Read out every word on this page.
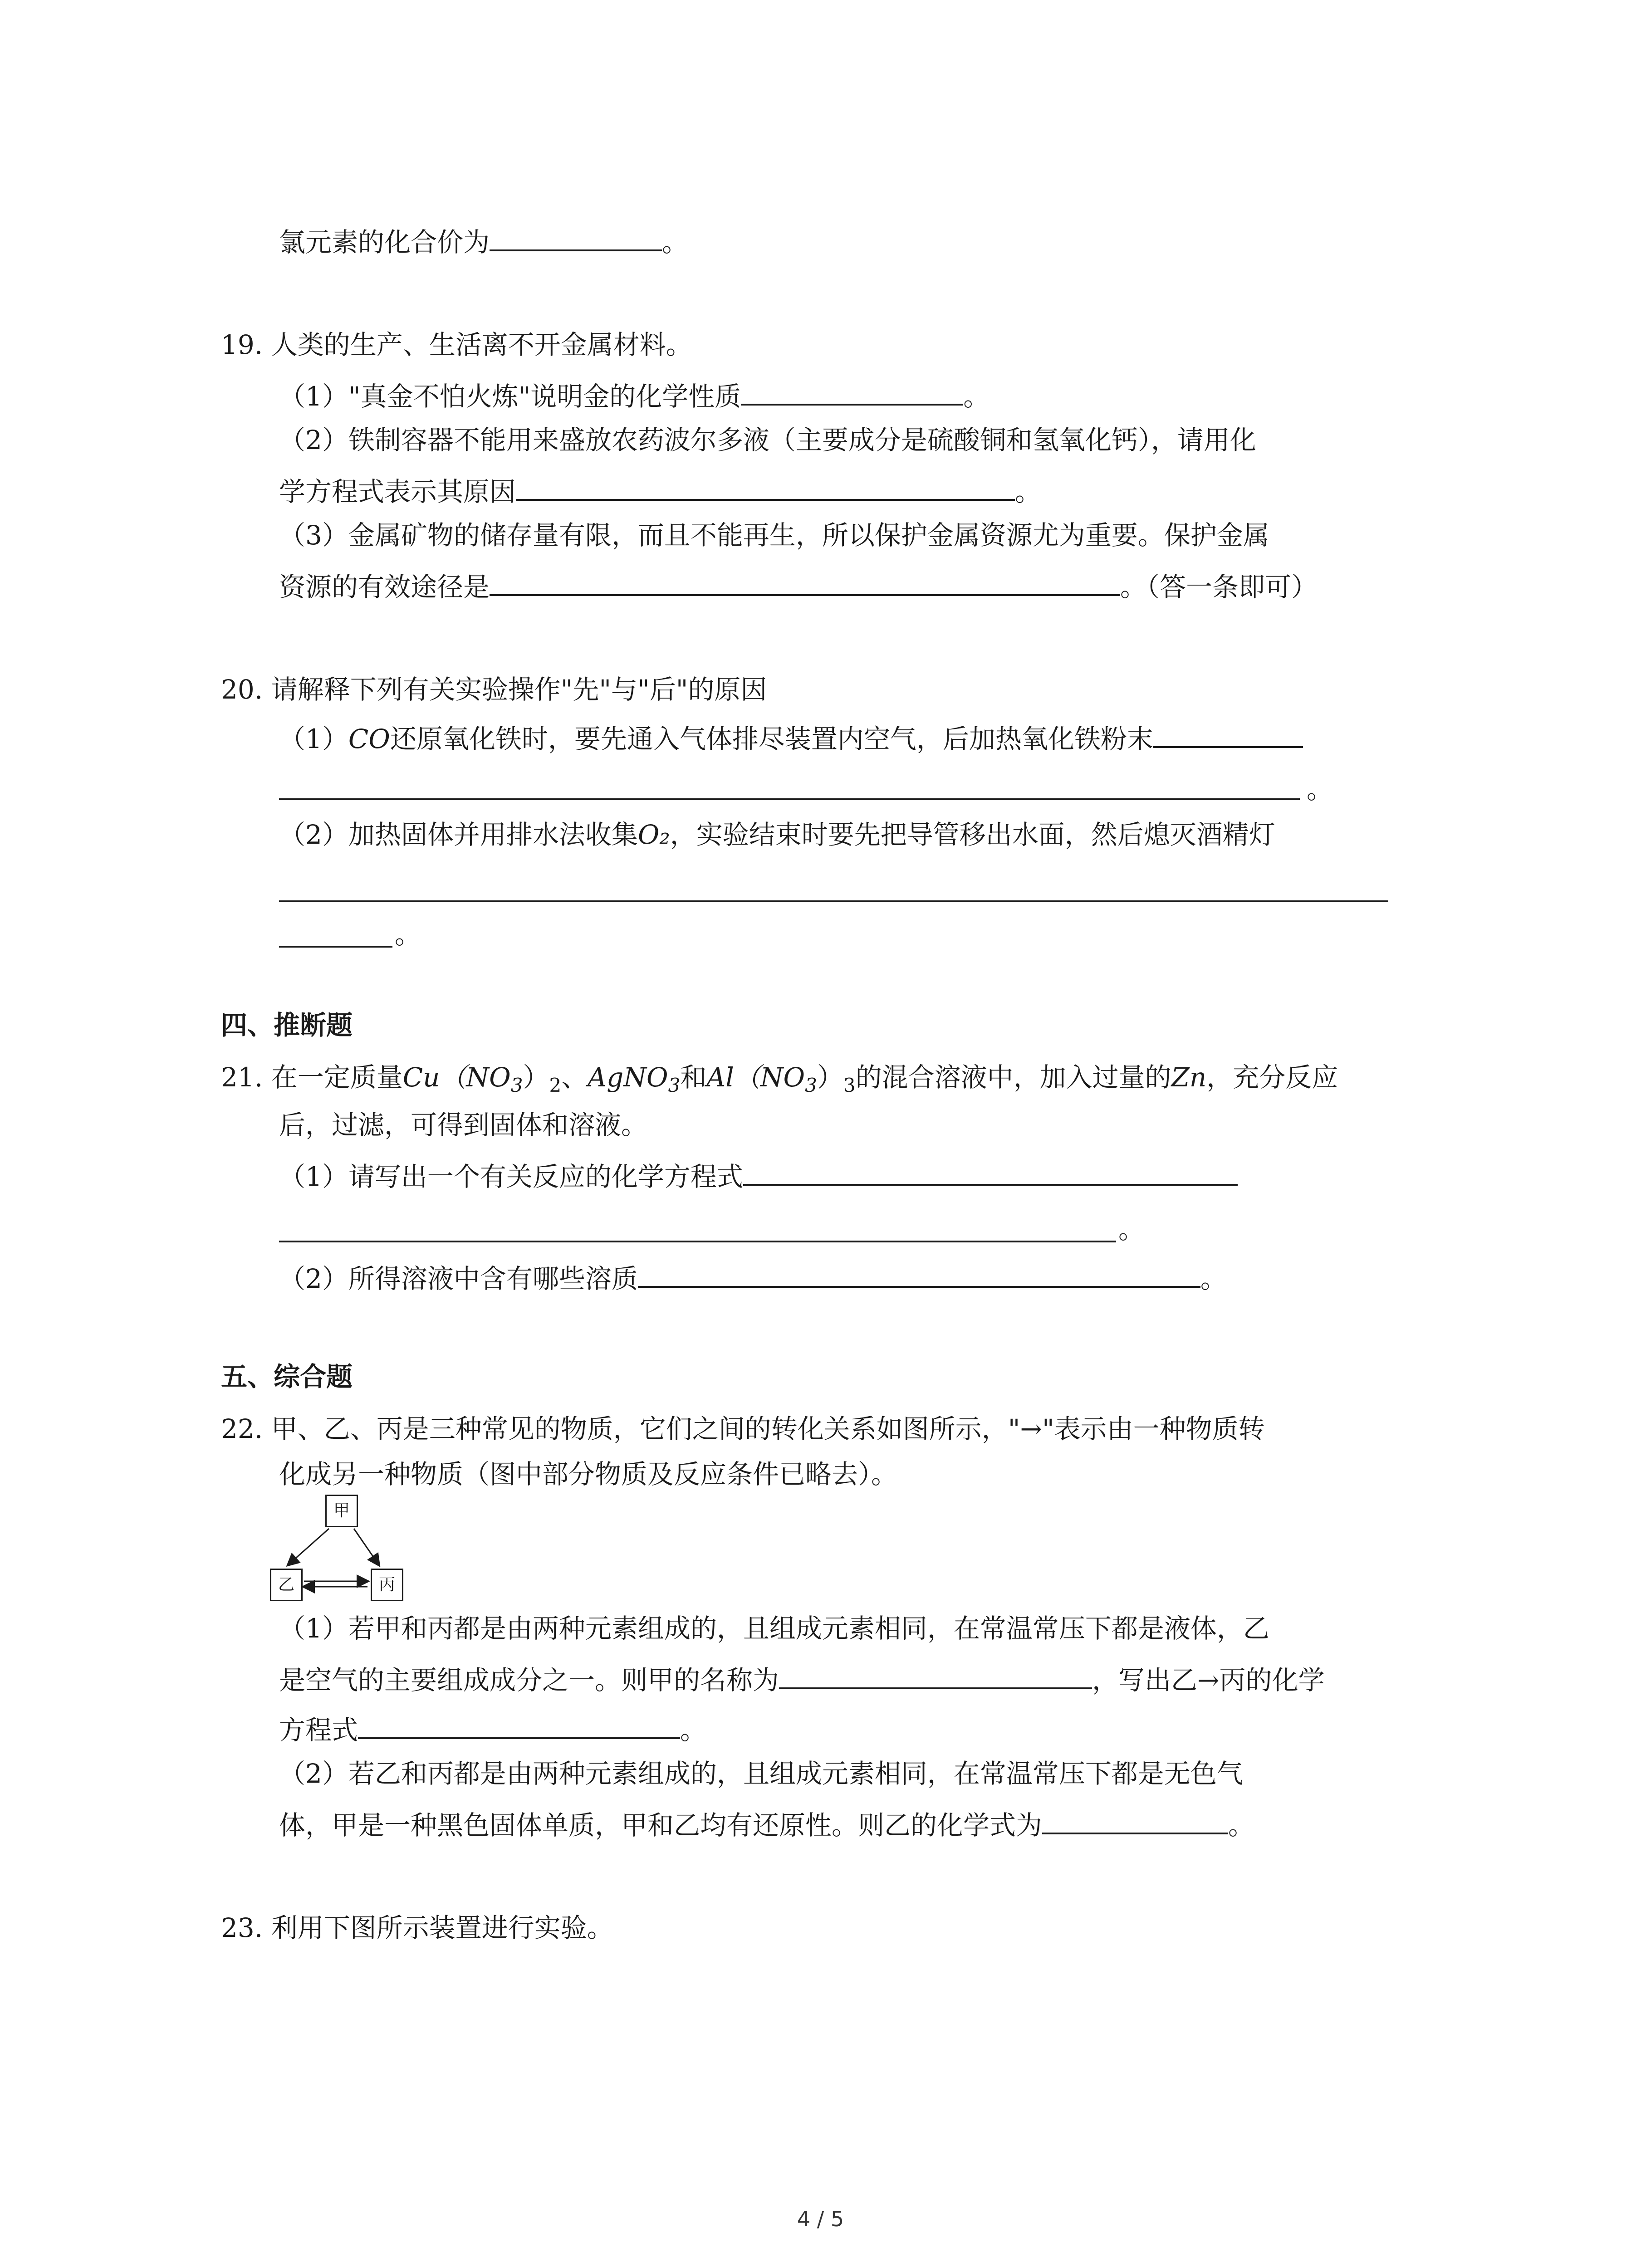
氯元素的化合价为	。
19. 人类的生产、生活离不开金属材料。
（1）"真金不怕火炼"说明金的化学性质	。
（2）铁制容器不能用来盛放农药波尔多液（主要成分是硫酸铜和氢氧化钙），请用化
学方程式表示其原因	。
（3）金属矿物的储存量有限，而且不能再生，所以保护金属资源尤为重要。保护金属
资源的有效途径是	。（答一条即可）
20. 请解释下列有关实验操作"先"与"后"的原因
（1）CO还原氧化铁时，要先通入气体排尽装置内空气，后加热氧化铁粉末
。
（2）加热固体并用排水法收集O₂，实验结束时要先把导管移出水面，然后熄灭酒精灯
。
四、推断题
21. 在一定质量$Cu(NO_3)_2$、AgNO$_3$和$Al(NO_3)_3$的混合溶液中，加入过量的Zn，充分反应
后，过滤，可得到固体和溶液。
（1）请写出一个有关反应的化学方程式
。
（2）所得溶液中含有哪些溶质	。
五、综合题
22. 甲、乙、丙是三种常见的物质，它们之间的转化关系如图所示，"→"表示由一种物质转
化成另一种物质（图中部分物质及反应条件已略去）。
甲
乙	丙
（1）若甲和丙都是由两种元素组成的，且组成元素相同，在常温常压下都是液体，乙
是空气的主要组成成分之一。则甲的名称为	，写出乙→丙的化学
方程式	。
（2）若乙和丙都是由两种元素组成的，且组成元素相同，在常温常压下都是无色气
体，甲是一种黑色固体单质，甲和乙均有还原性。则乙的化学式为	。
23. 利用下图所示装置进行实验。
4 / 5
